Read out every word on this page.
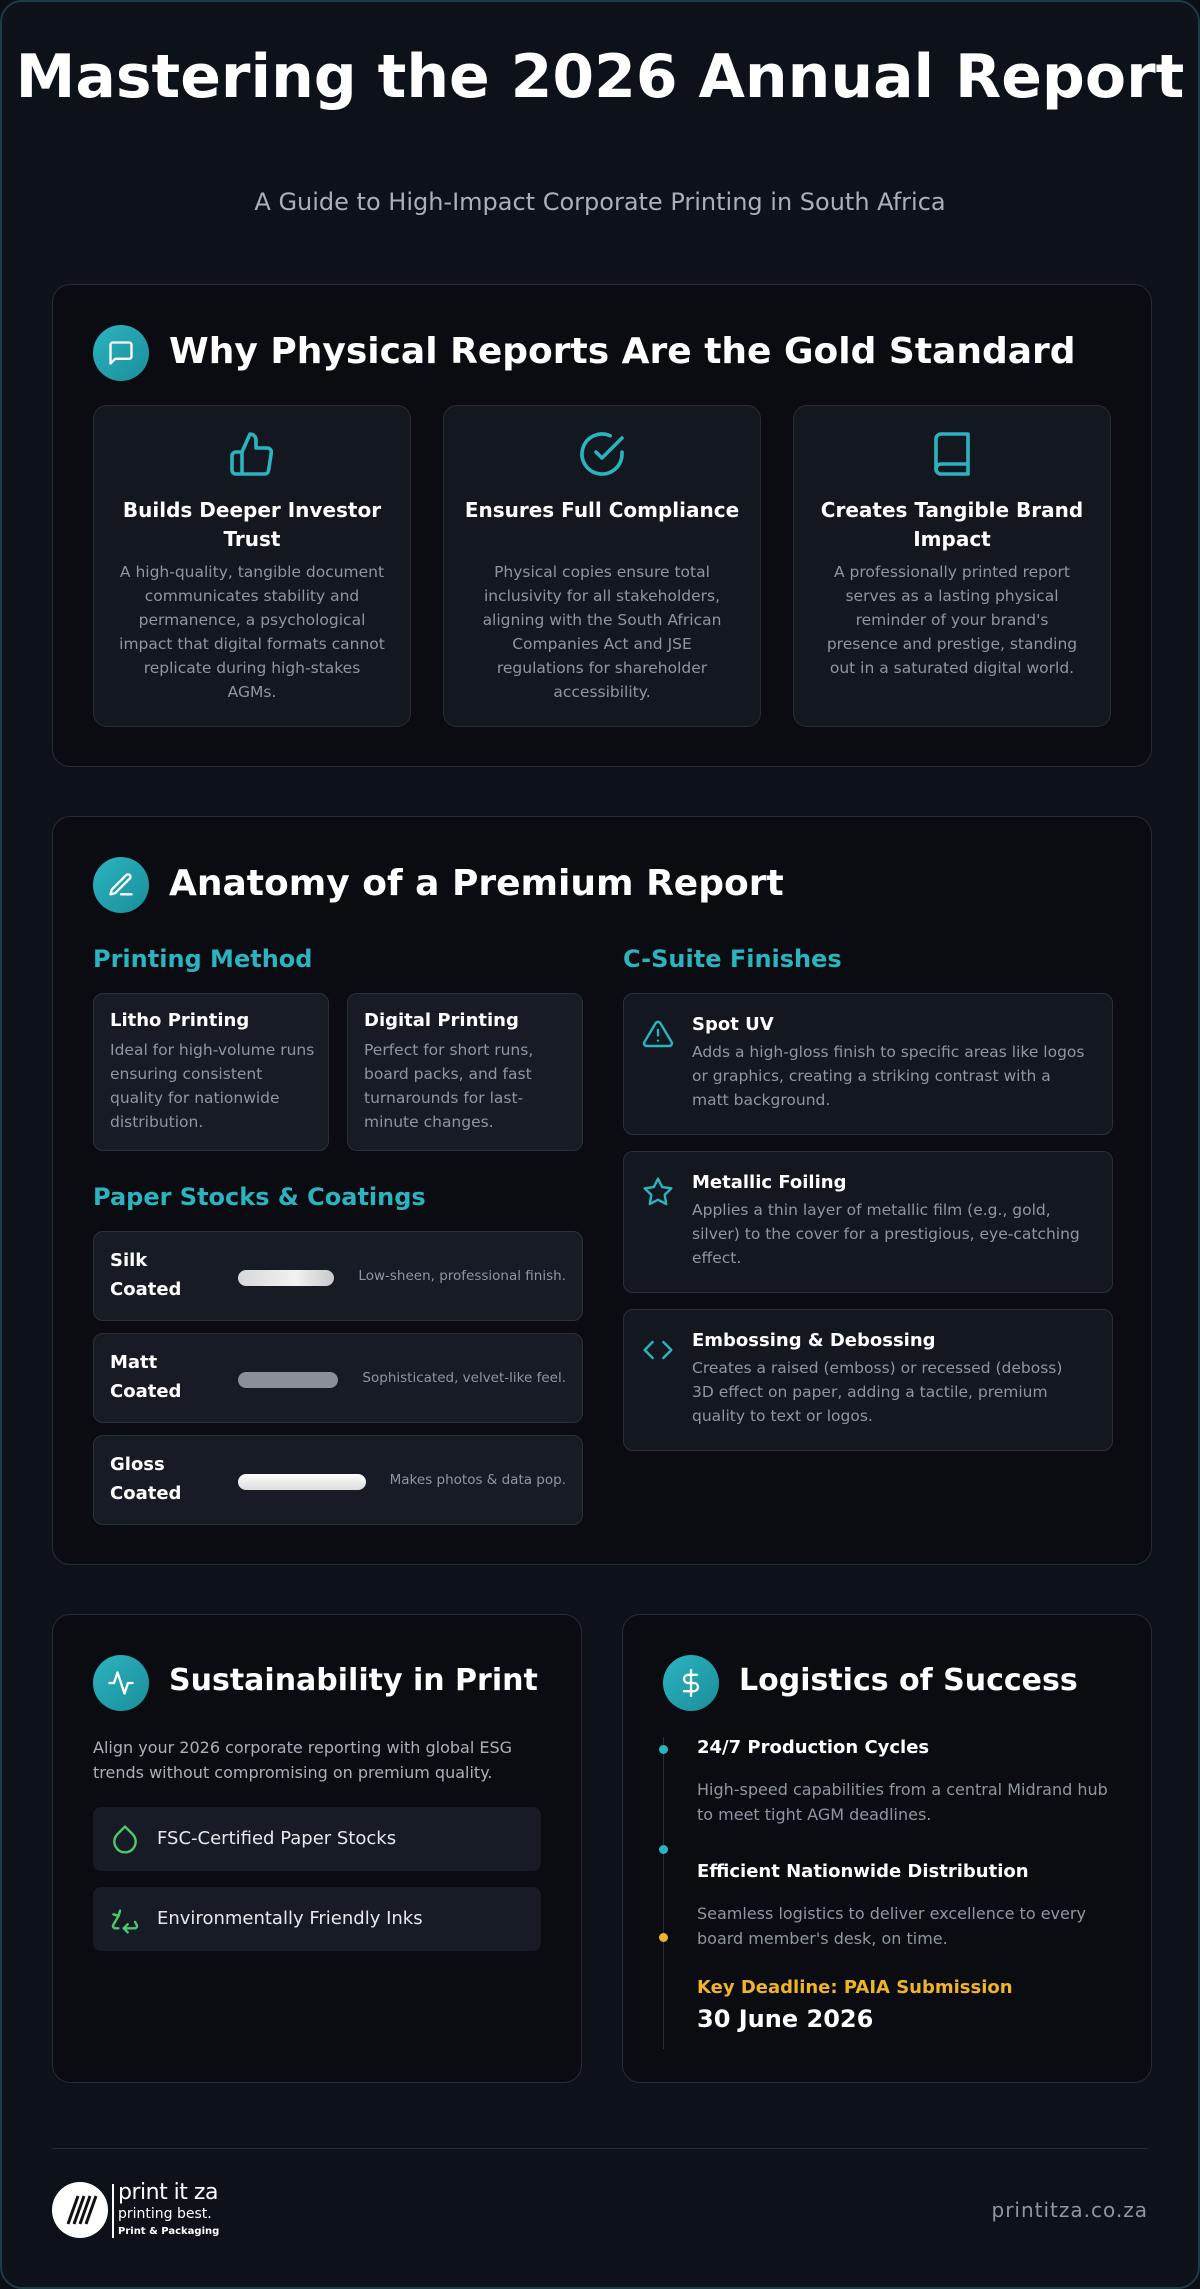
Mastering the 2026 Annual Report
A Guide to High-Impact Corporate Printing in South Africa
Why Physical Reports Are the Gold Standard
Builds Deeper Investor Trust

A high-quality, tangible document communicates stability and permanence, a psychological impact that digital formats cannot replicate during high-stakes AGMs.

Ensures Full Compliance

Physical copies ensure total inclusivity for all stakeholders, aligning with the South African Companies Act and JSE regulations for shareholder accessibility.

Creates Tangible Brand Impact

A professionally printed report serves as a lasting physical reminder of your brand's presence and prestige, standing out in a saturated digital world.

Anatomy of a Premium Report
Printing Method
Litho Printing

Ideal for high-volume runs ensuring consistent quality for nationwide distribution.

Digital Printing

Perfect for short runs, board packs, and fast turnarounds for last-minute changes.

Paper Stocks & Coatings
Silk Coated
Low-sheen, professional finish.
Matt Coated
Sophisticated, velvet-like feel.
Gloss Coated
Makes photos & data pop.
C-Suite Finishes
Spot UV

Adds a high-gloss finish to specific areas like logos or graphics, creating a striking contrast with a matt background.

Metallic Foiling

Applies a thin layer of metallic film (e.g., gold, silver) to the cover for a prestigious, eye-catching effect.

Embossing & Debossing

Creates a raised (emboss) or recessed (deboss) 3D effect on paper, adding a tactile, premium quality to text or logos.

Sustainability in Print

Align your 2026 corporate reporting with global ESG trends without compromising on premium quality.

FSC-Certified Paper Stocks
Environmentally Friendly Inks
Logistics of Success
24/7 Production Cycles

High-speed capabilities from a central Midrand hub to meet tight AGM deadlines.

Efficient Nationwide Distribution

Seamless logistics to deliver excellence to every board member's desk, on time.

Key Deadline: PAIA Submission
30 June 2026
print it za
printing best.
Print & Packaging
printitza.co.za
